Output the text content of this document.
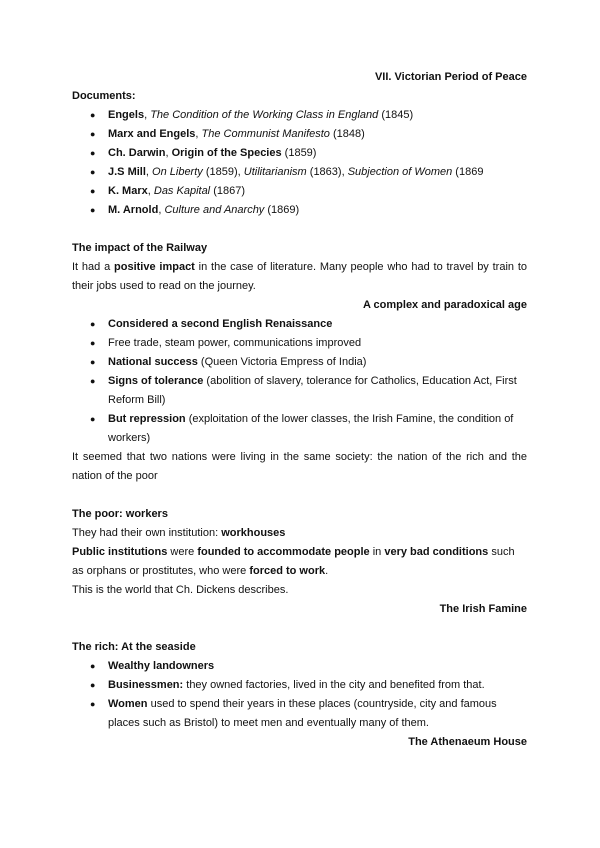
VII. Victorian Period of Peace

Documents:

● Engels, The Condition of the Working Class in England (1845)
● Marx and Engels, The Communist Manifesto (1848)
● Ch. Darwin, Origin of the Species (1859)
● J.S Mill, On Liberty (1859), Utilitarianism (1863), Subjection of Women (1869
● K. Marx, Das Kapital (1867)
● M. Arnold, Culture and Anarchy (1869)

The impact of the Railway

It had a positive impact in the case of literature. Many people who had to travel by train to their jobs used to read on the journey.

A complex and paradoxical age

● Considered a second English Renaissance
● Free trade, steam power, communications improved
● National success (Queen Victoria Empress of India)
● Signs of tolerance (abolition of slavery, tolerance for Catholics, Education Act, First Reform Bill)
● But repression (exploitation of the lower classes, the Irish Famine, the condition of workers)

It seemed that two nations were living in the same society: the nation of the rich and the nation of the poor

The poor: workers

They had their own institution: workhouses

Public institutions were founded to accommodate people in very bad conditions such as orphans or prostitutes, who were forced to work.

This is the world that Ch. Dickens describes.

The Irish Famine

The rich: At the seaside

● Wealthy landowners
● Businessmen: they owned factories, lived in the city and benefited from that.
● Women used to spend their years in these places (countryside, city and famous places such as Bristol) to meet men and eventually many of them.

The Athenaeum House
